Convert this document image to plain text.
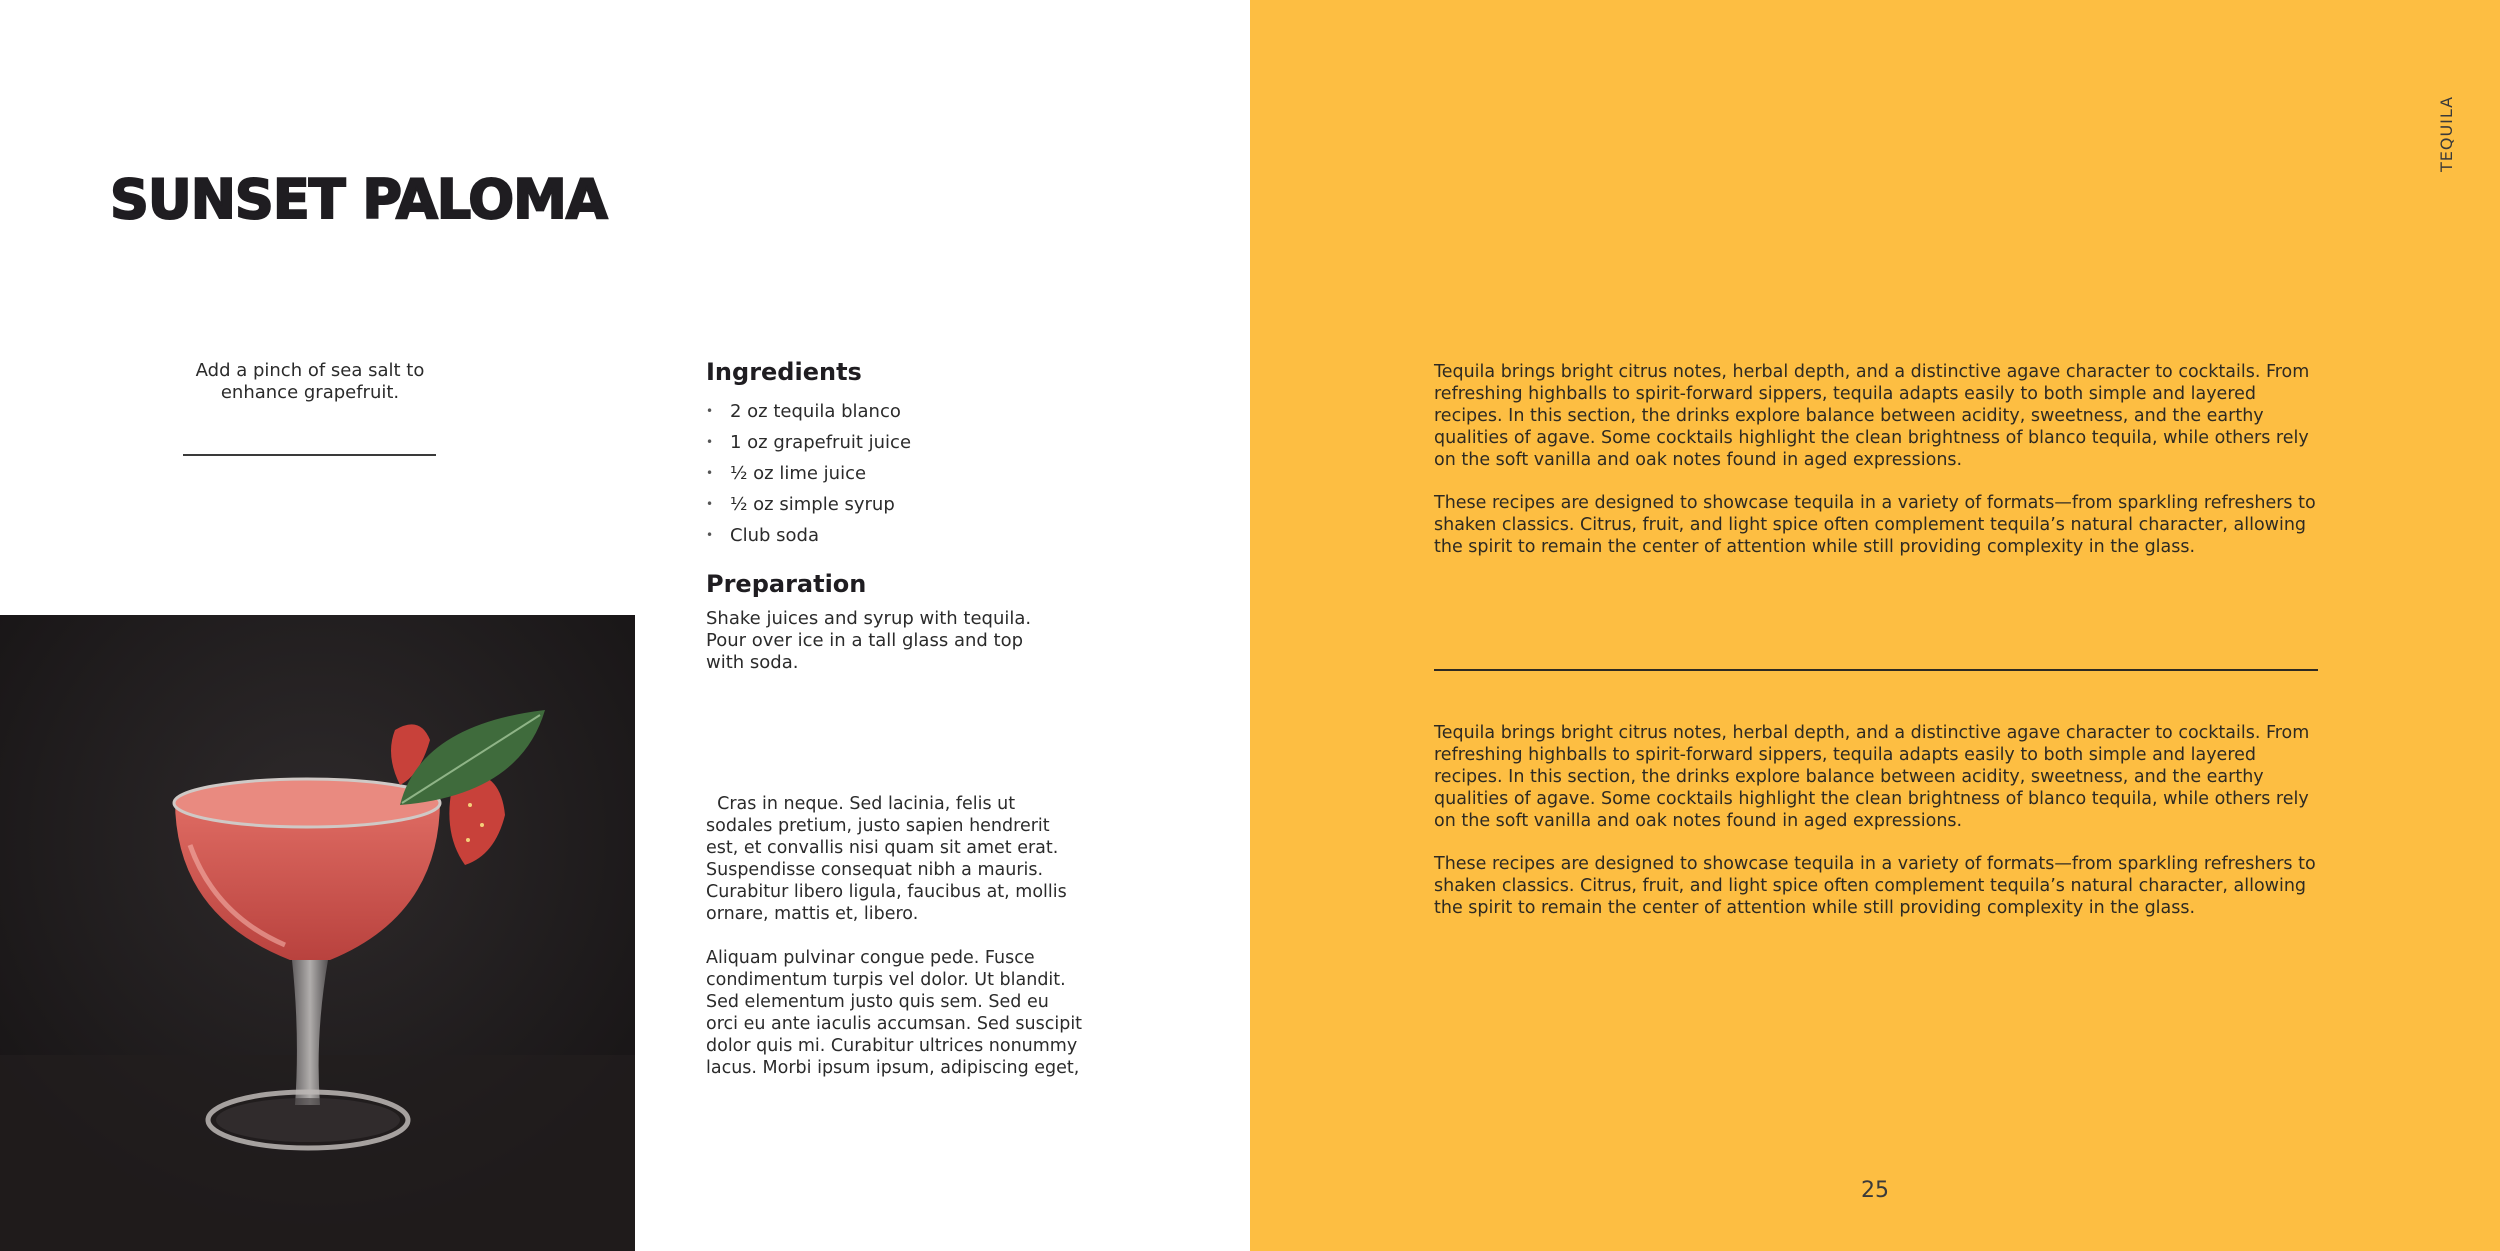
SUNSET PALOMA
Add a pinch of sea salt to enhance grapefruit.
Ingredients
• 2 oz tequila blanco
• 1 oz grapefruit juice
• ½ oz lime juice
• ½ oz simple syrup
• Club soda
Preparation
Shake juices and syrup with tequila. Pour over ice in a tall glass and top with soda.
Cras in neque. Sed lacinia, felis ut sodales pretium, justo sapien hendrerit est, et convallis nisi quam sit amet erat. Suspendisse consequat nibh a mauris. Curabitur libero ligula, faucibus at, mollis ornare, mattis et, libero.
Aliquam pulvinar congue pede. Fusce condimentum turpis vel dolor. Ut blandit. Sed elementum justo quis sem. Sed eu orci eu ante iaculis accumsan. Sed suscipit dolor quis mi. Curabitur ultrices nonummy lacus. Morbi ipsum ipsum, adipiscing eget,
TEQUILA
Tequila brings bright citrus notes, herbal depth, and a distinctive agave character to cocktails. From refreshing highballs to spirit-forward sippers, tequila adapts easily to both simple and layered recipes. In this section, the drinks explore balance between acidity, sweetness, and the earthy qualities of agave. Some cocktails highlight the clean brightness of blanco tequila, while others rely on the soft vanilla and oak notes found in aged expressions.
These recipes are designed to showcase tequila in a variety of formats—from sparkling refreshers to shaken classics. Citrus, fruit, and light spice often complement tequila’s natural character, allowing the spirit to remain the center of attention while still providing complexity in the glass.
Tequila brings bright citrus notes, herbal depth, and a distinctive agave character to cocktails. From refreshing highballs to spirit-forward sippers, tequila adapts easily to both simple and layered recipes. In this section, the drinks explore balance between acidity, sweetness, and the earthy qualities of agave. Some cocktails highlight the clean brightness of blanco tequila, while others rely on the soft vanilla and oak notes found in aged expressions.
These recipes are designed to showcase tequila in a variety of formats—from sparkling refreshers to shaken classics. Citrus, fruit, and light spice often complement tequila’s natural character, allowing the spirit to remain the center of attention while still providing complexity in the glass.
25
